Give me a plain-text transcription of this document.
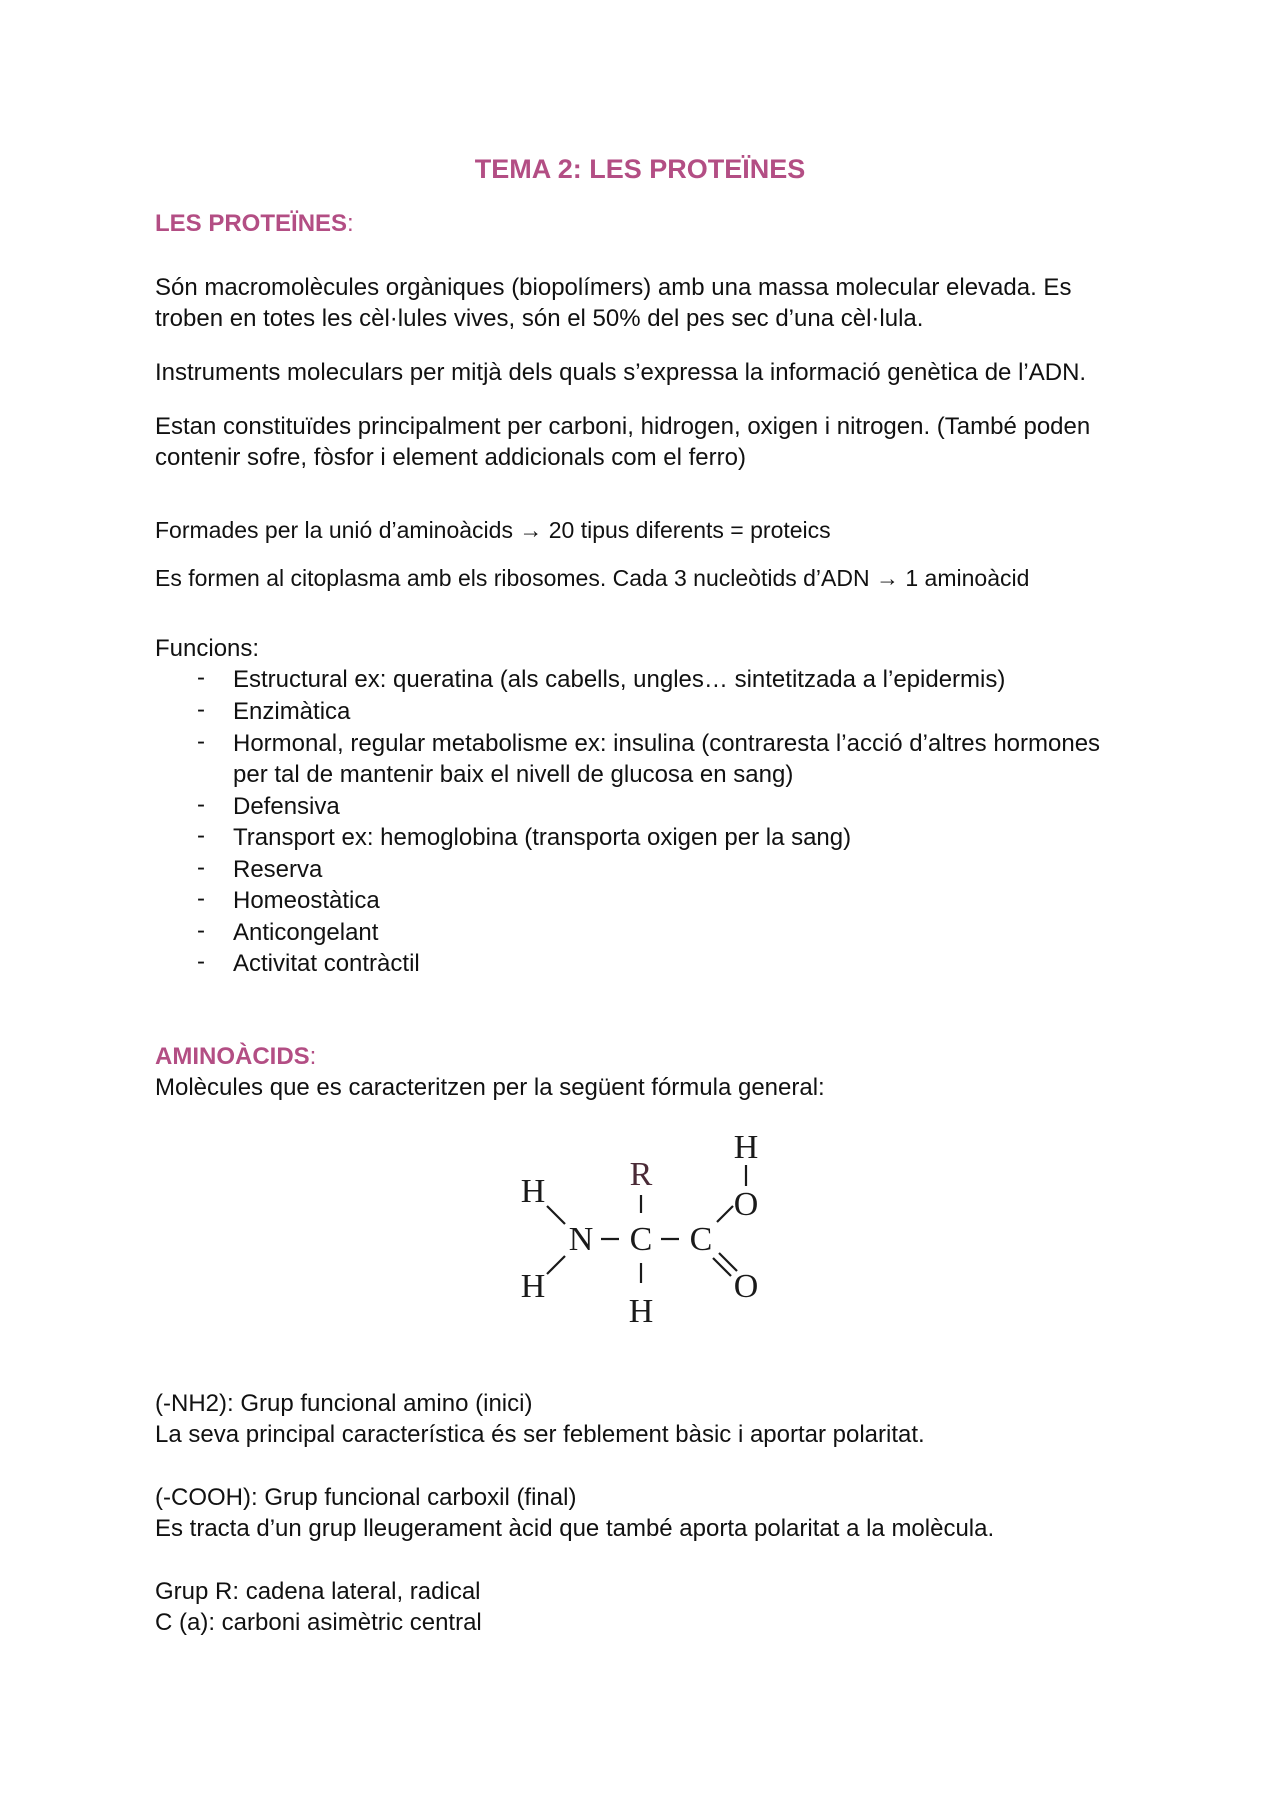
TEMA 2: LES PROTEÏNES
LES PROTEÏNES:
Són macromolècules orgàniques (biopolímers) amb una massa molecular elevada. Es
troben en totes les cèl·lules vives, són el 50% del pes sec d’una cèl·lula.
Instruments moleculars per mitjà dels quals s’expressa la informació genètica de l’ADN.
Estan constituïdes principalment per carboni, hidrogen, oxigen i nitrogen. (També poden
contenir sofre, fòsfor i element addicionals com el ferro)
Formades per la unió d’aminoàcids → 20 tipus diferents = proteics
Es formen al citoplasma amb els ribosomes. Cada 3 nucleòtids d’ADN → 1 aminoàcid
Funcions:
- Estructural ex: queratina (als cabells, ungles… sintetitzada a l’epidermis)
- Enzimàtica
- Hormonal, regular metabolisme ex: insulina (contraresta l’acció d’altres hormones
per tal de mantenir baix el nivell de glucosa en sang)
- Defensiva
- Transport ex: hemoglobina (transporta oxigen per la sang)
- Reserva
- Homeostàtica
- Anticongelant
- Activitat contràctil
AMINOÀCIDS:
Molècules que es caracteritzen per la següent fórmula general:
H
R
O
H
N C C
H	O
H
(-NH2): Grup funcional amino (inici)
La seva principal característica és ser feblement bàsic i aportar polaritat.
(-COOH): Grup funcional carboxil (final)
Es tracta d’un grup lleugerament àcid que també aporta polaritat a la molècula.
Grup R: cadena lateral, radical
C (a): carboni asimètric central
